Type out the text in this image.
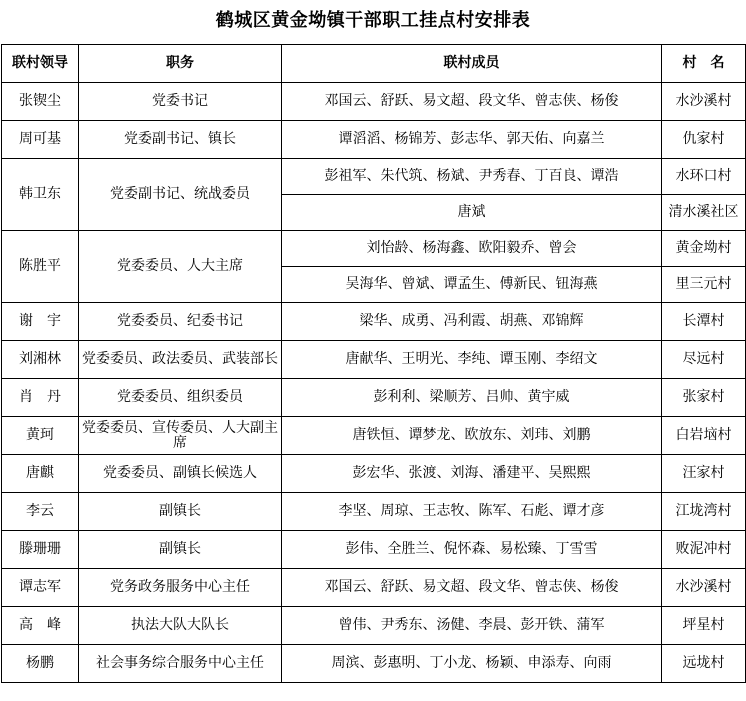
鹤城区黄金坳镇干部职工挂点村安排表
联村领导	职务	联村成员	村　名
张锲尘	党委书记	邓国云、舒跃、易文超、段文华、曾志侠、杨俊	水沙溪村
周可基	党委副书记、镇长	谭滔滔、杨锦芳、彭志华、郭天佑、向嘉兰	仇家村
韩卫东	党委副书记、统战委员	彭祖军、朱代筑、杨斌、尹秀春、丁百良、谭浩	水环口村
		唐斌	清水溪社区
陈胜平	党委委员、人大主席	刘怡龄、杨海鑫、欧阳毅乔、曾会	黄金坳村
		吴海华、曾斌、谭孟生、傅新民、钮海燕	里三元村
谢　宇	党委委员、纪委书记	梁华、成勇、冯利霞、胡燕、邓锦辉	长潭村
刘湘林	党委委员、政法委员、武装部长	唐献华、王明光、李纯、谭玉刚、李绍文	尽远村
肖　丹	党委委员、组织委员	彭利利、梁顺芳、吕帅、黄宇威	张家村
黄珂	党委委员、宣传委员、人大副主席	唐铁恒、谭梦龙、欧放东、刘玮、刘鹏	白岩垴村
唐麒	党委委员、副镇长候选人	彭宏华、张渡、刘海、潘建平、吴熙熙	汪家村
李云	副镇长	李坚、周琼、王志牧、陈军、石彪、谭才彦	江垅湾村
滕珊珊	副镇长	彭伟、全胜兰、倪怀森、易松臻、丁雪雪	败泥冲村
谭志军	党务政务服务中心主任	邓国云、舒跃、易文超、段文华、曾志侠、杨俊	水沙溪村
高　峰	执法大队大队长	曾伟、尹秀东、汤健、李晨、彭开铁、蒲军	坪星村
杨鹏	社会事务综合服务中心主任	周滨、彭惠明、丁小龙、杨颖、申添寿、向雨	远垅村
